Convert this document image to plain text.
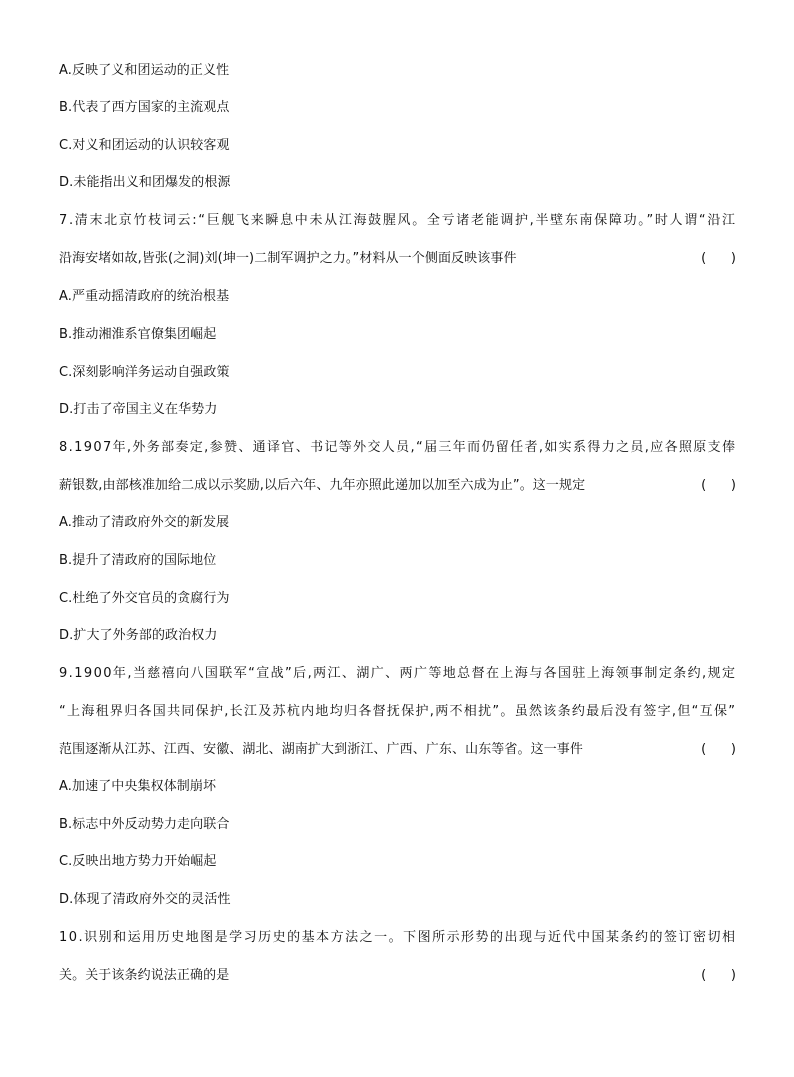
A.反映了义和团运动的正义性
B.代表了西方国家的主流观点
C.对义和团运动的认识较客观
D.未能指出义和团爆发的根源
7.清末北京竹枝词云:“巨舰飞来瞬息中未从江海鼓腥风。全亏诸老能调护,半壁东南保障功。”时人谓“沿江
沿海安堵如故,皆张(之洞)刘(坤一)二制军调护之力。”材料从一个侧面反映该事件	(      )
A.严重动摇清政府的统治根基
B.推动湘淮系官僚集团崛起
C.深刻影响洋务运动自强政策
D.打击了帝国主义在华势力
8.1907年,外务部奏定,参赞、通译官、书记等外交人员,“届三年而仍留任者,如实系得力之员,应各照原支俸
薪银数,由部核准加给二成以示奖励,以后六年、九年亦照此递加以加至六成为止”。这一规定	(      )
A.推动了清政府外交的新发展
B.提升了清政府的国际地位
C.杜绝了外交官员的贪腐行为
D.扩大了外务部的政治权力
9.1900年,当慈禧向八国联军“宣战”后,两江、湖广、两广等地总督在上海与各国驻上海领事制定条约,规定
“上海租界归各国共同保护,长江及苏杭内地均归各督抚保护,两不相扰”。虽然该条约最后没有签字,但“互保”
范围逐渐从江苏、江西、安徽、湖北、湖南扩大到浙江、广西、广东、山东等省。这一事件	(      )
A.加速了中央集权体制崩坏
B.标志中外反动势力走向联合
C.反映出地方势力开始崛起
D.体现了清政府外交的灵活性
10.识别和运用历史地图是学习历史的基本方法之一。下图所示形势的出现与近代中国某条约的签订密切相
关。关于该条约说法正确的是	(      )
